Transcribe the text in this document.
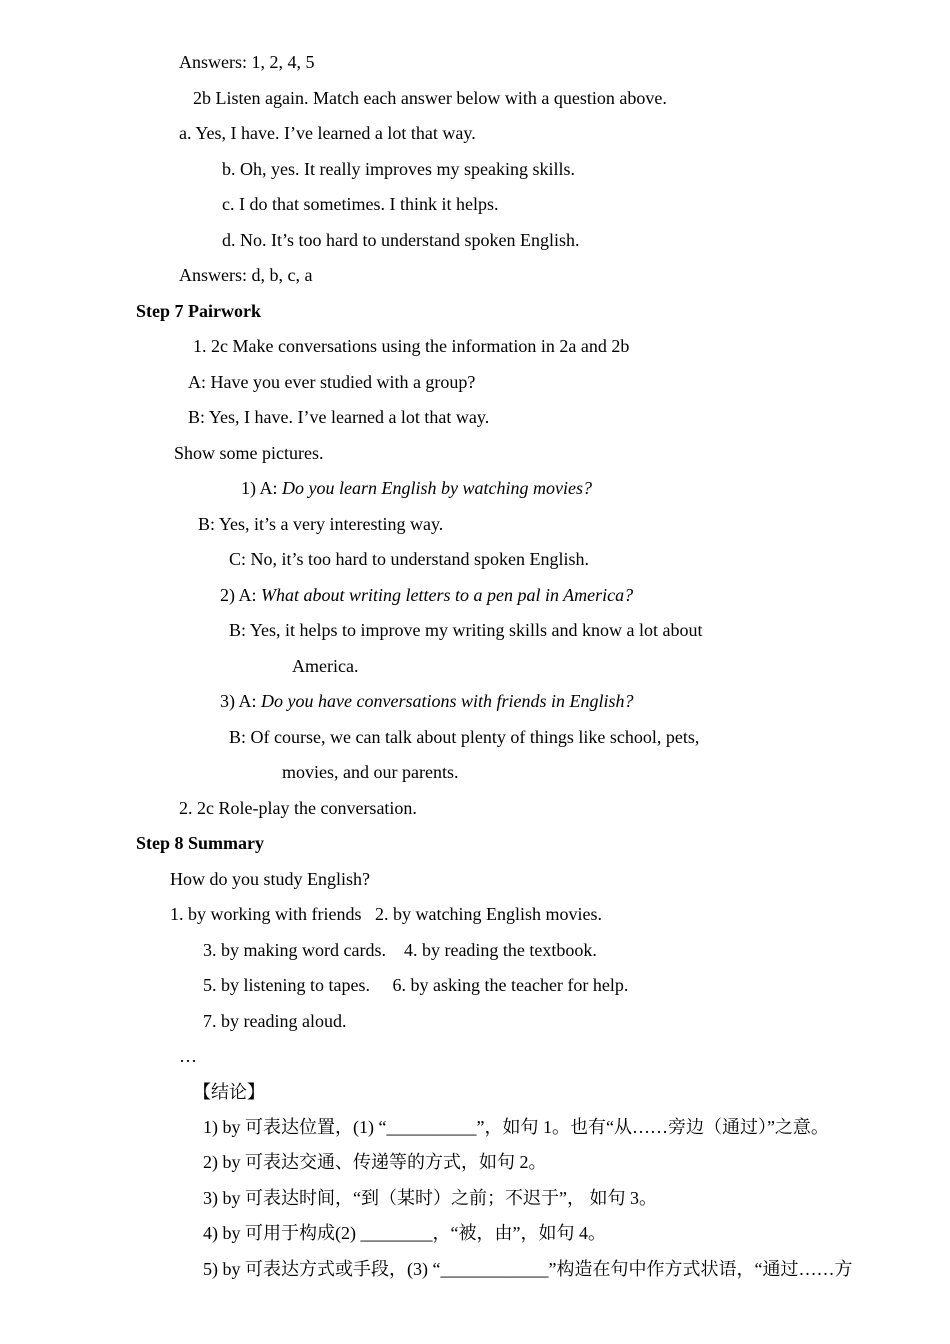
Answers: 1, 2, 4, 5
2b Listen again. Match each answer below with a question above.
a. Yes, I have. I’ve learned a lot that way.
b. Oh, yes. It really improves my speaking skills.
c. I do that sometimes. I think it helps.
d. No. It’s too hard to understand spoken English.
Answers: d, b, c, a
Step 7 Pairwork
1. 2c Make conversations using the information in 2a and 2b
A: Have you ever studied with a group?
B: Yes, I have. I’ve learned a lot that way.
Show some pictures.
1) A: Do you learn English by watching movies?
B: Yes, it’s a very interesting way.
C: No, it’s too hard to understand spoken English.
2) A: What about writing letters to a pen pal in America?
B: Yes, it helps to improve my writing skills and know a lot about
America.
3) A: Do you have conversations with friends in English?
B: Of course, we can talk about plenty of things like school, pets,
movies, and our parents.
2. 2c Role-play the conversation.
Step 8 Summary
How do you study English?
1. by working with friends   2. by watching English movies.
3. by making word cards.    4. by reading the textbook.
5. by listening to tapes.     6. by asking the teacher for help.
7. by reading aloud.
…
【结论】
1) by 可表达位置，(1) “__________”，如句 1。也有“从……旁边（通过）”之意。
2) by 可表达交通、传递等的方式，如句 2。
3) by 可表达时间，“到（某时）之前；不迟于”， 如句 3。
4) by 可用于构成(2) ________，“被，由”，如句 4。
5) by 可表达方式或手段，(3) “____________”构造在句中作方式状语，“通过……方
